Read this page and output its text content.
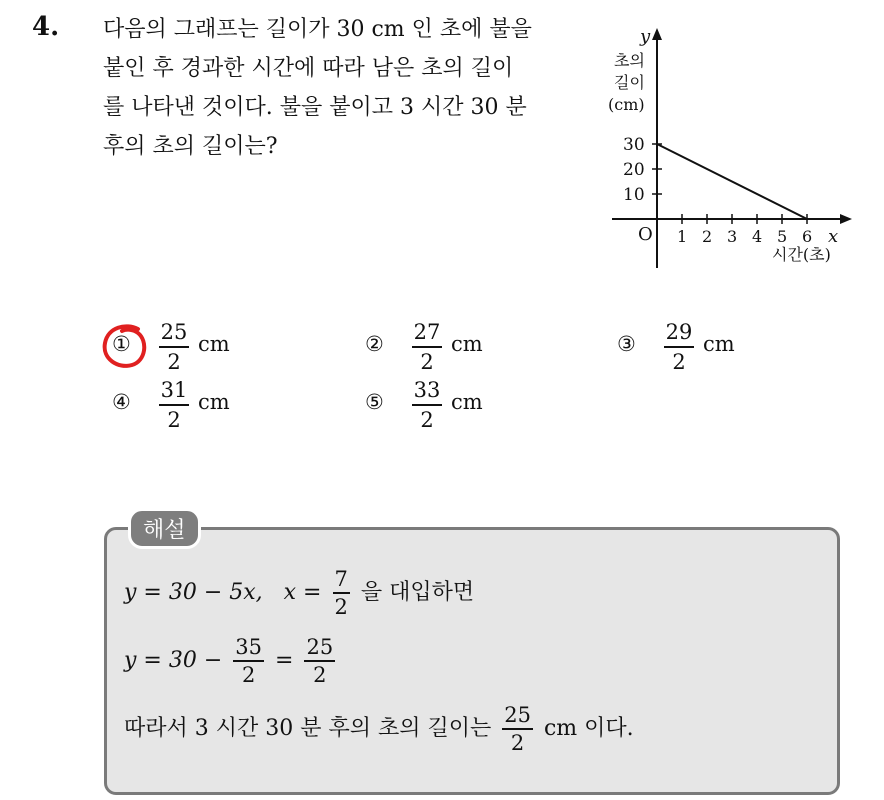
4. 다음의 그래프는 길이가 30 cm 인 초에 불을
붙인 후 경과한 시간에 따라 남은 초의 길이
를 나타낸 것이다. 불을 붙이고 3 시간 30 분
후의 초의 길이는?
y
x
O
초의
길이
(cm)
시간(초)
1 2 3 4 5 6
10
20
30
① 25
2
cm	② 27
2
cm	③ 29
2
cm
④ 31
2
cm	⑤ 33
2
cm
해설
y = 30 − 5x, $x = \frac{7}{2}$ 을 대입하면
$y = 30 - \frac{35}{2} = \frac{25}{2}$
따라서 3 시간 30 분 후의 초의 길이는 $\frac{25}{2}$ cm 이다.
